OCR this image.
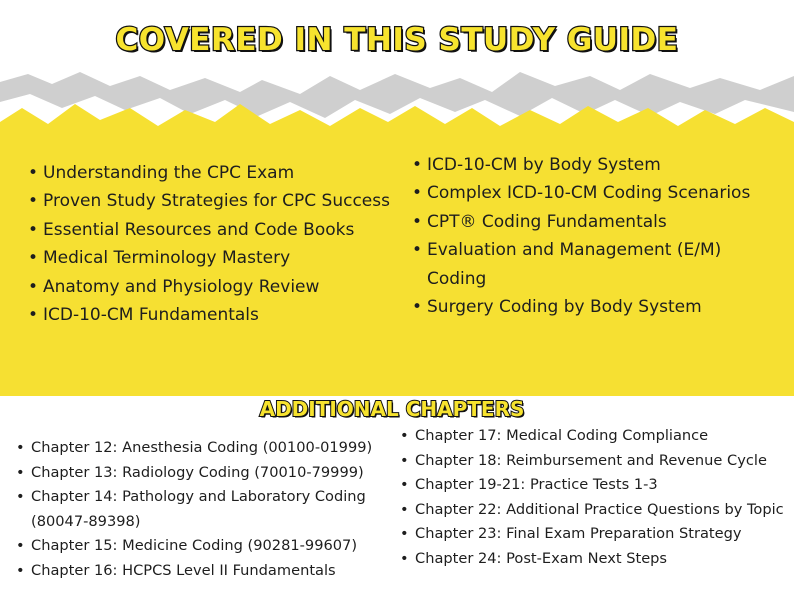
COVERED IN THIS STUDY GUIDE
• Understanding the CPC Exam
• Proven Study Strategies for CPC Success
• Essential Resources and Code Books
• Medical Terminology Mastery
• Anatomy and Physiology Review
• ICD-10-CM Fundamentals
• ICD-10-CM by Body System
• Complex ICD-10-CM Coding Scenarios
• CPT® Coding Fundamentals
• Evaluation and Management (E/M) Coding
• Surgery Coding by Body System
ADDITIONAL CHAPTERS
• Chapter 12: Anesthesia Coding (00100-01999)
• Chapter 13: Radiology Coding (70010-79999)
• Chapter 14: Pathology and Laboratory Coding (80047-89398)
• Chapter 15: Medicine Coding (90281-99607)
• Chapter 16: HCPCS Level II Fundamentals
• Chapter 17: Medical Coding Compliance
• Chapter 18: Reimbursement and Revenue Cycle
• Chapter 19-21: Practice Tests 1-3
• Chapter 22: Additional Practice Questions by Topic
• Chapter 23: Final Exam Preparation Strategy
• Chapter 24: Post-Exam Next Steps
